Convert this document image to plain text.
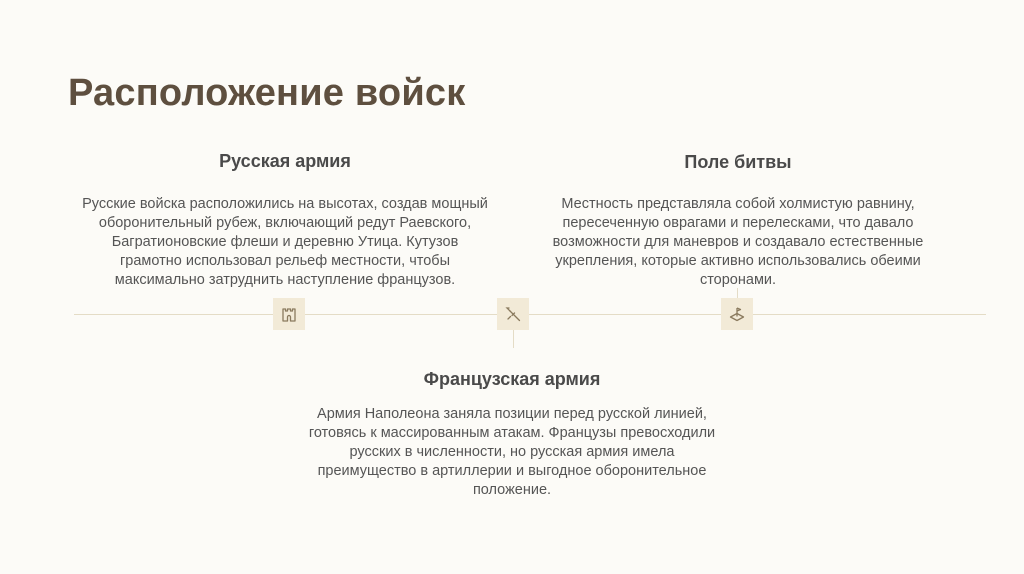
Расположение войск
Русская армия

Русские войска расположились на высотах, создав мощный оборонительный рубеж, включающий редут Раевского, Багратионовские флеши и деревню Утица. Кутузов грамотно использовал рельеф местности, чтобы максимально затруднить наступление французов.

Поле битвы

Местность представляла собой холмистую равнину, пересеченную оврагами и перелесками, что давало возможности для маневров и создавало естественные укрепления, которые активно использовались обеими сторонами.

Французская армия

Армия Наполеона заняла позиции перед русской линией, готовясь к массированным атакам. Французы превосходили русских в численности, но русская армия имела преимущество в артиллерии и выгодное оборонительное положение.
